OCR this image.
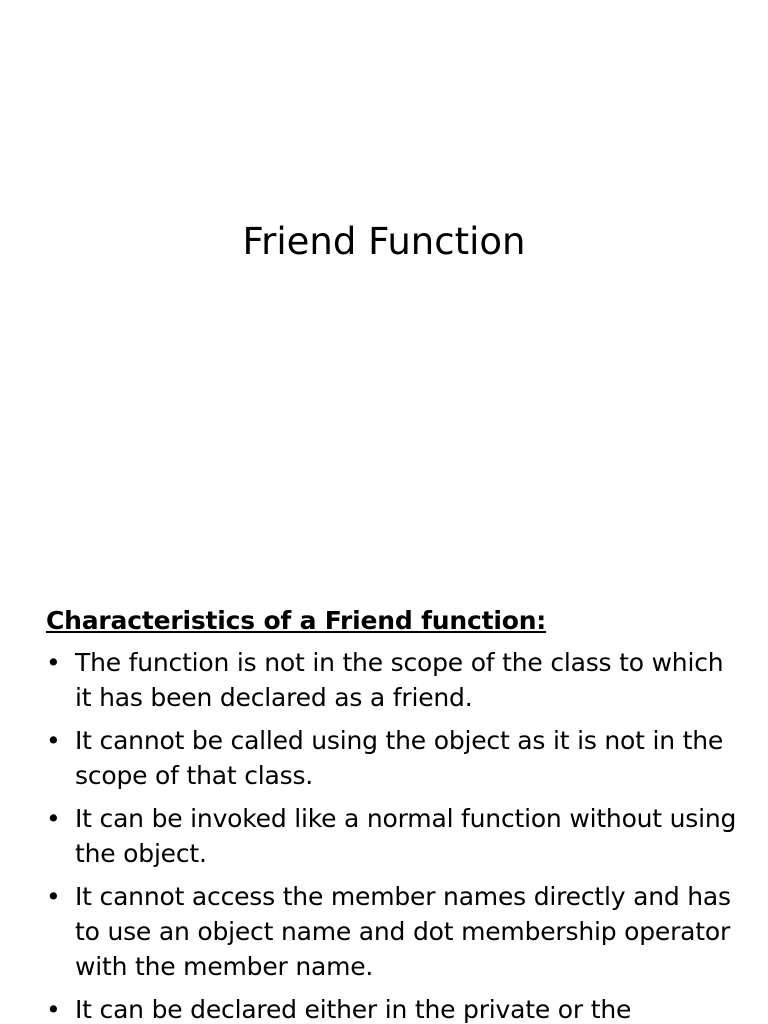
Friend Function
Characteristics of a Friend function:
• The function is not in the scope of the class to which it has been declared as a friend.
• It cannot be called using the object as it is not in the scope of that class.
• It can be invoked like a normal function without using the object.
• It cannot access the member names directly and has to use an object name and dot membership operator with the member name.
• It can be declared either in the private or the
